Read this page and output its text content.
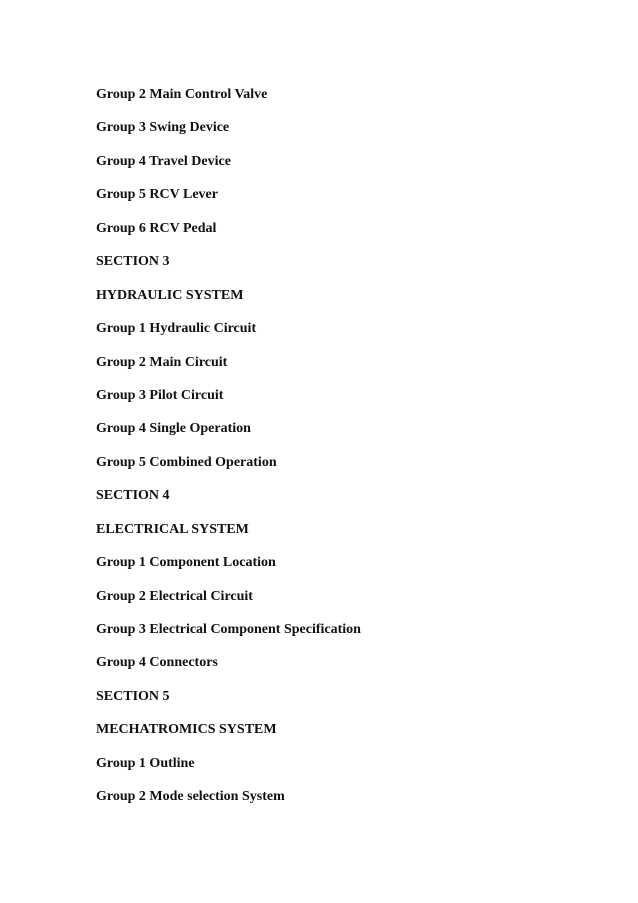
Group 2 Main Control Valve
Group 3 Swing Device
Group 4 Travel Device
Group 5 RCV Lever
Group 6 RCV Pedal
SECTION 3
HYDRAULIC SYSTEM
Group 1 Hydraulic Circuit
Group 2 Main Circuit
Group 3 Pilot Circuit
Group 4 Single Operation
Group 5 Combined Operation
SECTION 4
ELECTRICAL SYSTEM
Group 1 Component Location
Group 2 Electrical Circuit
Group 3 Electrical Component Specification
Group 4 Connectors
SECTION 5
MECHATROMICS SYSTEM
Group 1 Outline
Group 2 Mode selection System
